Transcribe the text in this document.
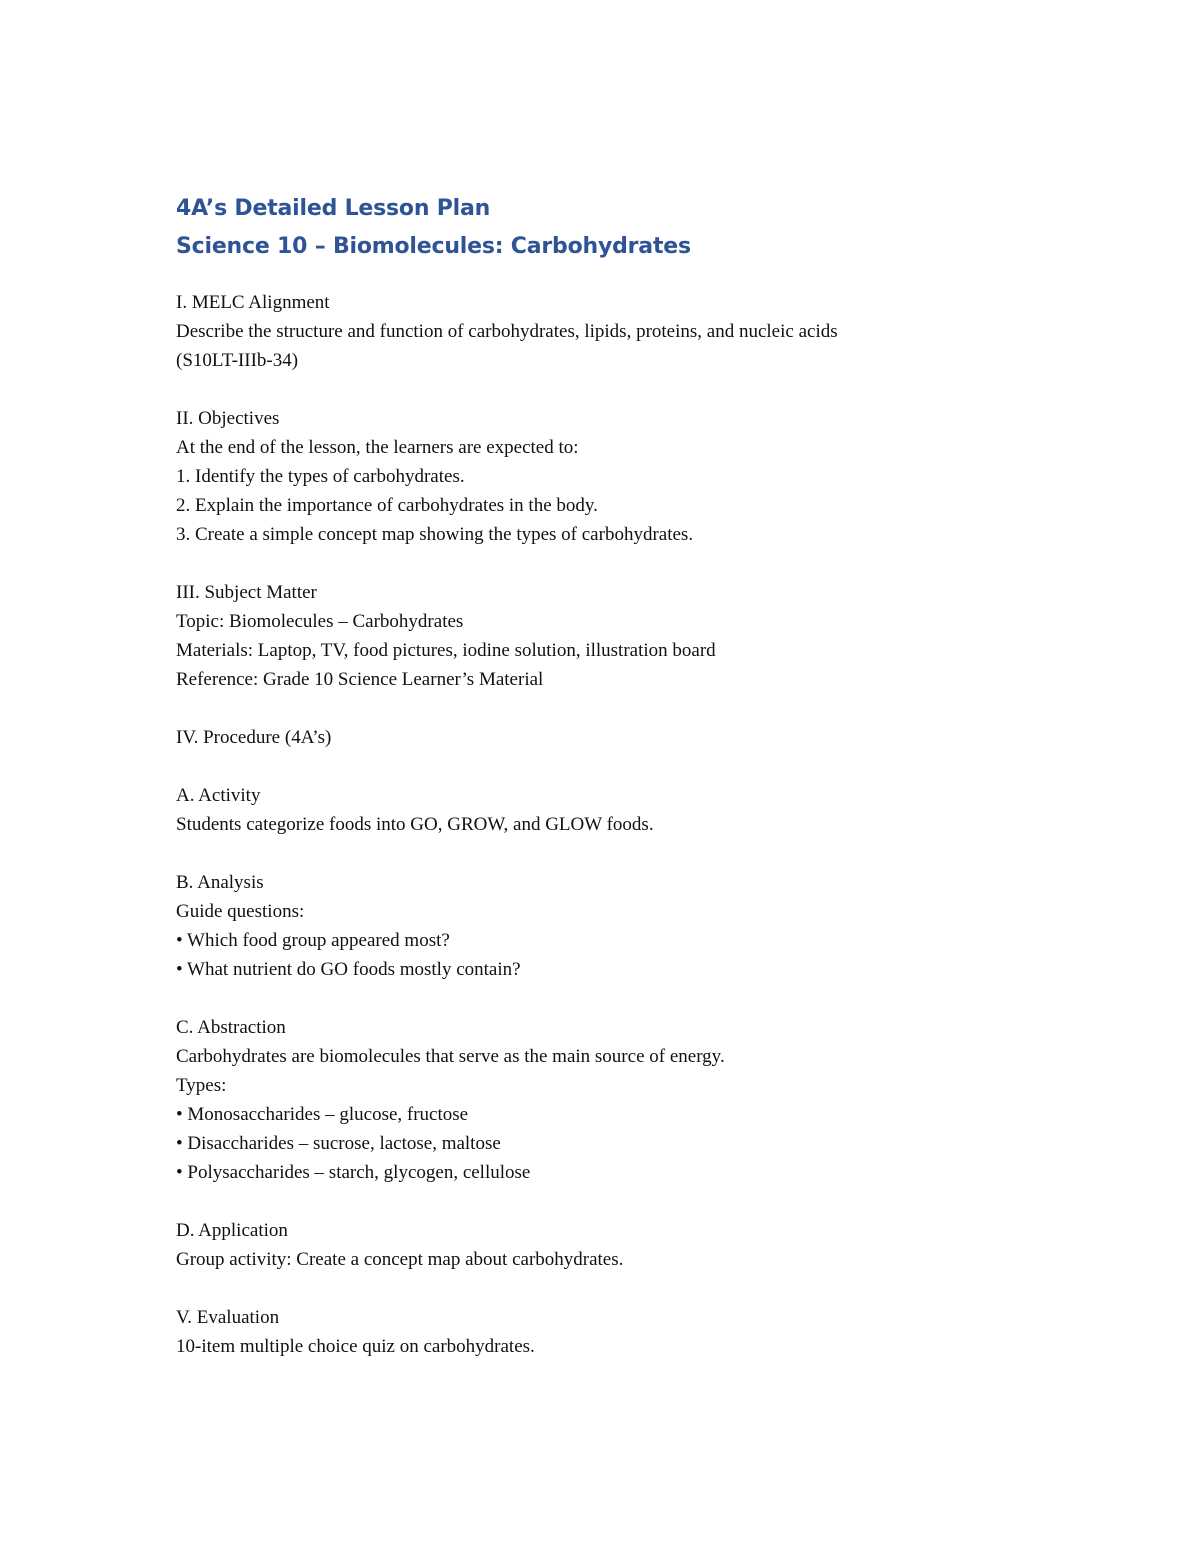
4A’s Detailed Lesson Plan
Science 10 – Biomolecules: Carbohydrates
I. MELC Alignment
Describe the structure and function of carbohydrates, lipids, proteins, and nucleic acids
(S10LT-IIIb-34)
II. Objectives
At the end of the lesson, the learners are expected to:
1. Identify the types of carbohydrates.
2. Explain the importance of carbohydrates in the body.
3. Create a simple concept map showing the types of carbohydrates.
III. Subject Matter
Topic: Biomolecules – Carbohydrates
Materials: Laptop, TV, food pictures, iodine solution, illustration board
Reference: Grade 10 Science Learner’s Material
IV. Procedure (4A’s)
A. Activity
Students categorize foods into GO, GROW, and GLOW foods.
B. Analysis
Guide questions:
• Which food group appeared most?
• What nutrient do GO foods mostly contain?
C. Abstraction
Carbohydrates are biomolecules that serve as the main source of energy.
Types:
• Monosaccharides – glucose, fructose
• Disaccharides – sucrose, lactose, maltose
• Polysaccharides – starch, glycogen, cellulose
D. Application
Group activity: Create a concept map about carbohydrates.
V. Evaluation
10-item multiple choice quiz on carbohydrates.
